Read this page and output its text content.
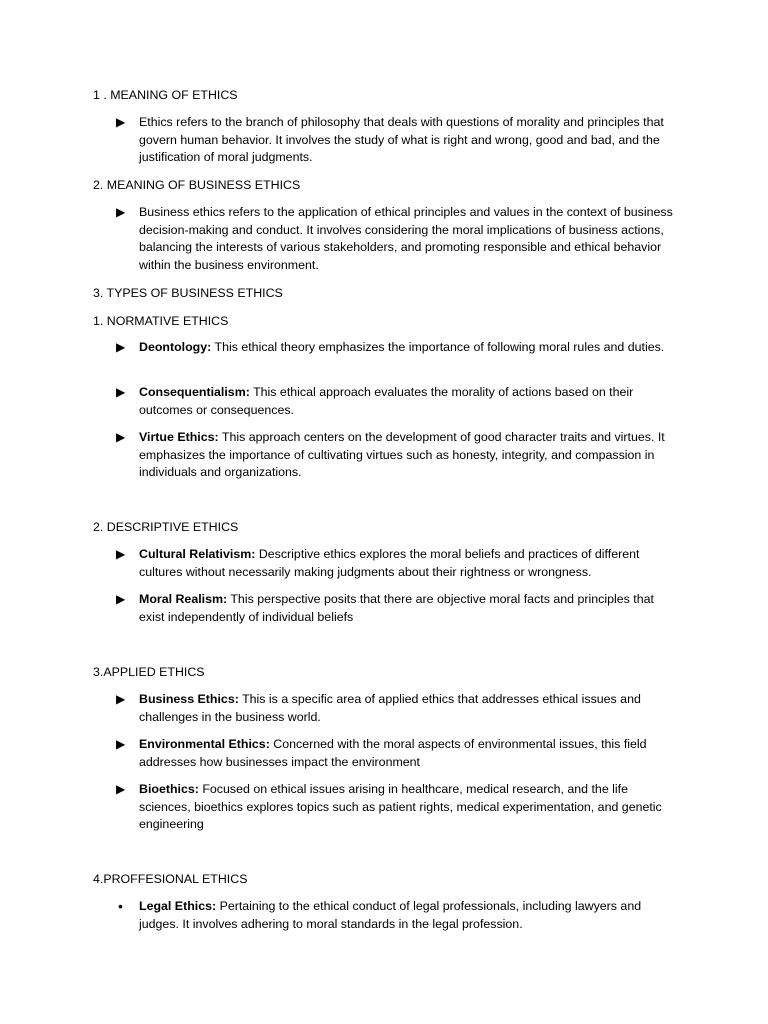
1 . MEANING OF ETHICS
▶ Ethics refers to the branch of philosophy that deals with questions of morality and principles that govern human behavior. It involves the study of what is right and wrong, good and bad, and the justification of moral judgments.
2. MEANING OF BUSINESS ETHICS
▶ Business ethics refers to the application of ethical principles and values in the context of business decision-making and conduct. It involves considering the moral implications of business actions, balancing the interests of various stakeholders, and promoting responsible and ethical behavior within the business environment.
3. TYPES OF BUSINESS ETHICS
1. NORMATIVE ETHICS
▶ Deontology: This ethical theory emphasizes the importance of following moral rules and duties.
▶ Consequentialism: This ethical approach evaluates the morality of actions based on their outcomes or consequences.
▶ Virtue Ethics: This approach centers on the development of good character traits and virtues. It emphasizes the importance of cultivating virtues such as honesty, integrity, and compassion in individuals and organizations.
2. DESCRIPTIVE ETHICS
▶ Cultural Relativism: Descriptive ethics explores the moral beliefs and practices of different cultures without necessarily making judgments about their rightness or wrongness.
▶ Moral Realism: This perspective posits that there are objective moral facts and principles that exist independently of individual beliefs
3.APPLIED ETHICS
▶ Business Ethics: This is a specific area of applied ethics that addresses ethical issues and challenges in the business world.
▶ Environmental Ethics: Concerned with the moral aspects of environmental issues, this field addresses how businesses impact the environment
▶ Bioethics: Focused on ethical issues arising in healthcare, medical research, and the life sciences, bioethics explores topics such as patient rights, medical experimentation, and genetic engineering
4.PROFFESIONAL ETHICS
• Legal Ethics: Pertaining to the ethical conduct of legal professionals, including lawyers and judges. It involves adhering to moral standards in the legal profession.
